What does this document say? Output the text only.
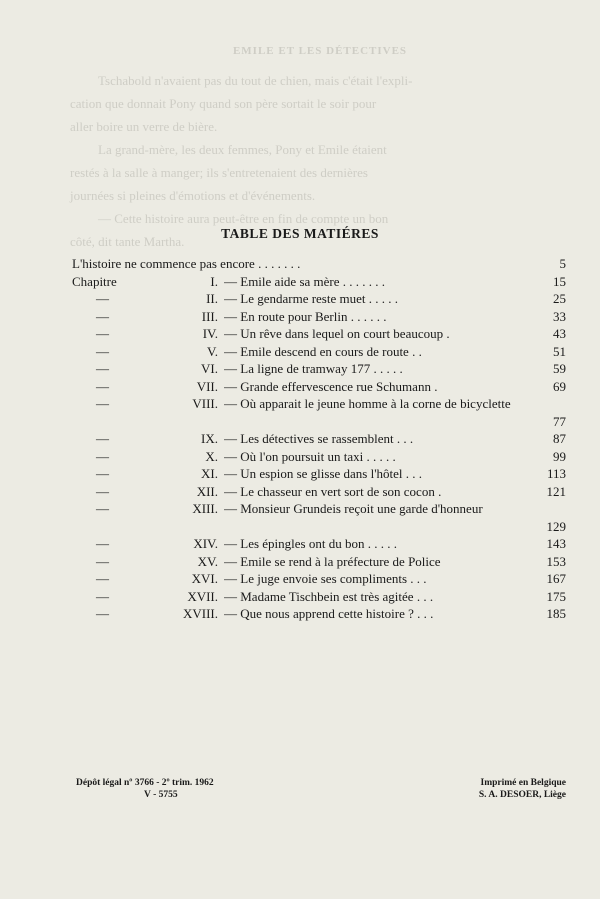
EMILE ET LES DÉTECTIVES

Tschabold n'avaient pas du tout de chien, mais c'était l'expli-

cation que donnait Pony quand son père sortait le soir pour

aller boire un verre de bière.

La grand-mère, les deux femmes, Pony et Emile étaient

restés à la salle à manger; ils s'entretenaient des dernières

journées si pleines d'émotions et d'événements.

— Cette histoire aura peut-être en fin de compte un bon

côté, dit tante Martha.

TABLE DES MATIÉRES
L'histoire ne commence pas encore . . . . . . .	5
Chapitre	I. — Emile aide sa mère . . . . . . .	15
—	II. — Le gendarme reste muet . . . . .	25
—	III. — En route pour Berlin . . . . . .	33
—	IV. — Un rêve dans lequel on court beaucoup .	43
—	V. — Emile descend en cours de route . .	51
—	VI. — La ligne de tramway 177 . . . . .	59
—	VII. — Grande effervescence rue Schumann .	69
—	VIII. — Où apparait le jeune homme à la corne de bicyclette
77
—	IX. — Les détectives se rassemblent . . .	87
—	X. — Où l'on poursuit un taxi . . . . .	99
—	XI. — Un espion se glisse dans l'hôtel . . .	113
—	XII. — Le chasseur en vert sort de son cocon .	121
—	XIII. — Monsieur Grundeis reçoit une garde d'honneur
129
—	XIV. — Les épingles ont du bon . . . . .	143
—	XV. — Emile se rend à la préfecture de Police	153
—	XVI. — Le juge envoie ses compliments . . .	167
—	XVII. — Madame Tischbein est très agitée . . .	175
—	XVIII. — Que nous apprend cette histoire ? . . .	185
Dépôt légal nº 3766 - 2º trim. 1962
V - 5755
Imprimé en Belgique
S. A. DESOER, Liège
